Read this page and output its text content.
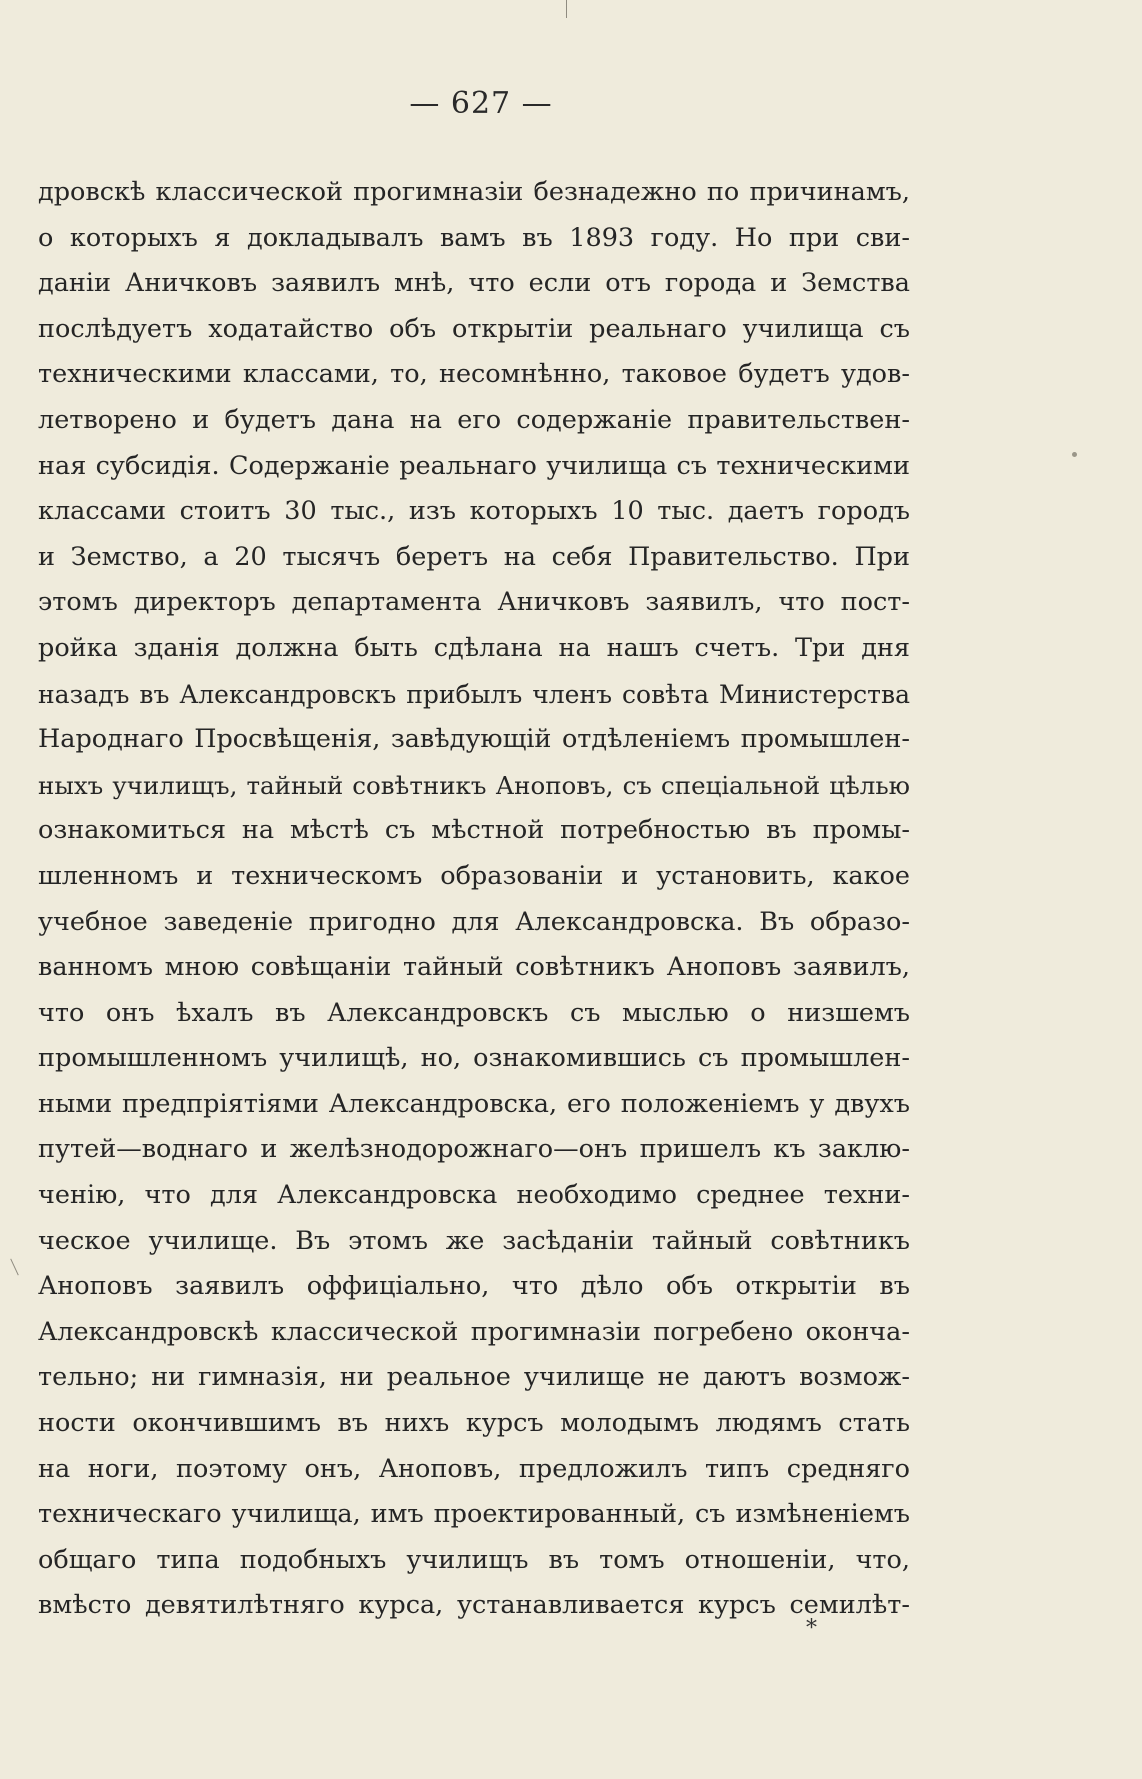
— 627 —
дровскѣ классической прогимназіи безнадежно по причинамъ,
о которыхъ я докладывалъ вамъ въ 1893 году. Но при сви-
даніи Аничковъ заявилъ мнѣ, что если отъ города и Земства
послѣдуетъ ходатайство объ открытіи реальнаго училища съ
техническими классами, то, несомнѣнно, таковое будетъ удов-
летворено и будетъ дана на его содержаніе правительствен-
ная субсидія. Содержаніе реальнаго училища съ техническими
классами стоитъ 30 тыс., изъ которыхъ 10 тыс. даетъ городъ
и Земство, а 20 тысячъ беретъ на себя Правительство. При
этомъ директоръ департамента Аничковъ заявилъ, что пост-
ройка зданія должна быть сдѣлана на нашъ счетъ. Три дня
назадъ въ Александровскъ прибылъ членъ совѣта Министерства
Народнаго Просвѣщенія, завѣдующій отдѣленіемъ промышлен-
ныхъ училищъ, тайный совѣтникъ Аноповъ, съ спеціальной цѣлью
ознакомиться на мѣстѣ съ мѣстной потребностью въ промы-
шленномъ и техническомъ образованіи и установить, какое
учебное заведеніе пригодно для Александровска. Въ образо-
ванномъ мною совѣщаніи тайный совѣтникъ Аноповъ заявилъ,
что онъ ѣхалъ въ Александровскъ съ мыслью о низшемъ
промышленномъ училищѣ, но, ознакомившись съ промышлен-
ными предпріятіями Александровска, его положеніемъ у двухъ
путей—воднаго и желѣзнодорожнаго—онъ пришелъ къ заклю-
ченію, что для Александровска необходимо среднее техни-
ческое училище. Въ этомъ же засѣданіи тайный совѣтникъ
Аноповъ заявилъ оффиціально, что дѣло объ открытіи въ
Александровскѣ классической прогимназіи погребено оконча-
тельно; ни гимназія, ни реальное училище не даютъ возмож-
ности окончившимъ въ нихъ курсъ молодымъ людямъ стать
на ноги, поэтому онъ, Аноповъ, предложилъ типъ средняго
техническаго училища, имъ проектированный, съ измѣненіемъ
общаго типа подобныхъ училищъ въ томъ отношеніи, что,
вмѣсто девятилѣтняго курса, устанавливается курсъ семилѣт-
*
